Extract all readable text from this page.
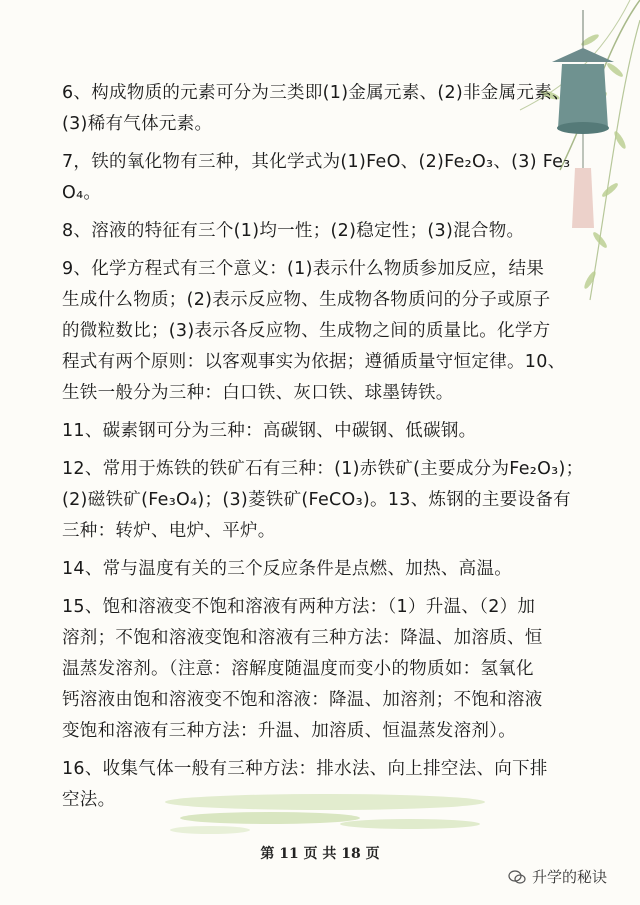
6、构成物质的元素可分为三类即(1)金属元素、(2)非金属元素、
(3)稀有气体元素。
7，铁的氧化物有三种，其化学式为(1)FeO、(2)Fe₂O₃、(3) Fe₃
O₄。
8、溶液的特征有三个(1)均一性；(2)稳定性；(3)混合物。
9、化学方程式有三个意义：(1)表示什么物质参加反应，结果
生成什么物质；(2)表示反应物、生成物各物质问的分子或原子
的微粒数比；(3)表示各反应物、生成物之间的质量比。化学方
程式有两个原则：以客观事实为依据；遵循质量守恒定律。10、
生铁一般分为三种：白口铁、灰口铁、球墨铸铁。
11、碳素钢可分为三种：高碳钢、中碳钢、低碳钢。
12、常用于炼铁的铁矿石有三种：(1)赤铁矿(主要成分为Fe₂O₃)；
(2)磁铁矿(Fe₃O₄)；(3)菱铁矿(FeCO₃)。13、炼钢的主要设备有
三种：转炉、电炉、平炉。
14、常与温度有关的三个反应条件是点燃、加热、高温。
15、饱和溶液变不饱和溶液有两种方法：（1）升温、（2）加
溶剂；不饱和溶液变饱和溶液有三种方法：降温、加溶质、恒
温蒸发溶剂。（注意：溶解度随温度而变小的物质如：氢氧化
钙溶液由饱和溶液变不饱和溶液：降温、加溶剂；不饱和溶液
变饱和溶液有三种方法：升温、加溶质、恒温蒸发溶剂）。
16、收集气体一般有三种方法：排水法、向上排空法、向下排
空法。
第 11 页 共 18 页
升学的秘诀
